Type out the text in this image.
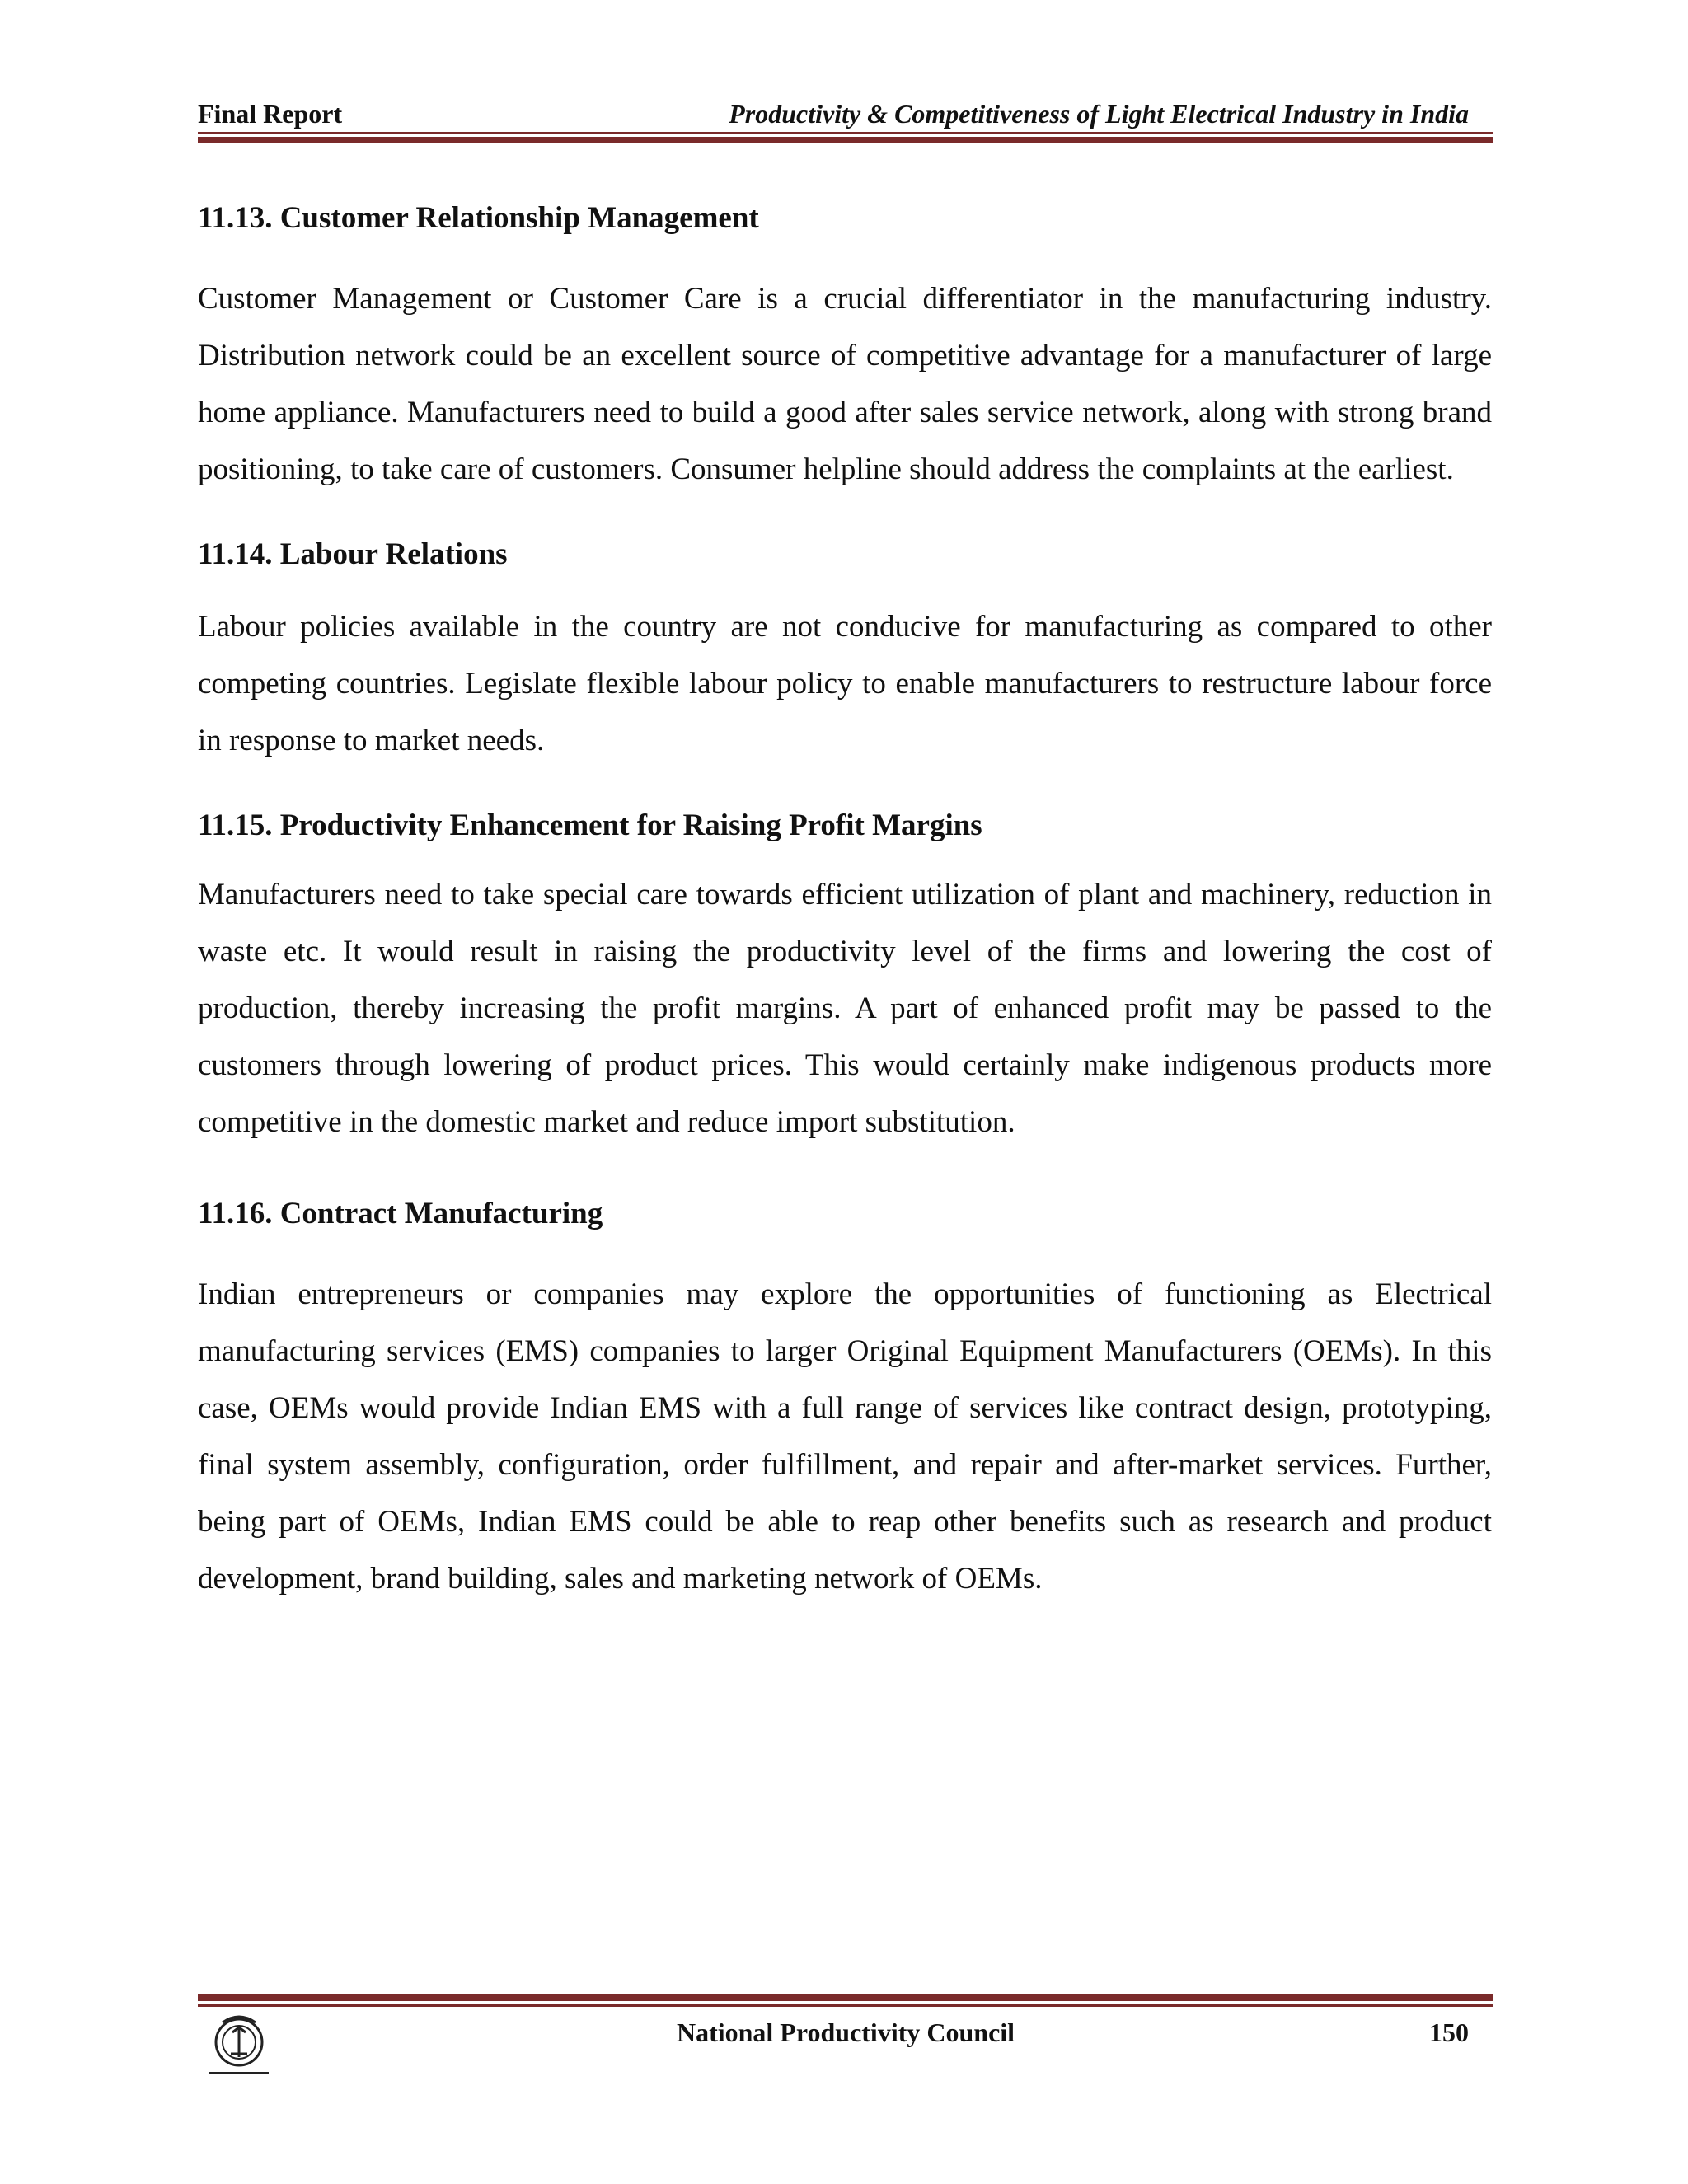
Final Report	Productivity & Competitiveness of Light Electrical Industry in India
11.13. Customer Relationship Management

Customer Management or Customer Care is a crucial differentiator in the manufacturing industry. Distribution network could be an excellent source of competitive advantage for a manufacturer of large home appliance. Manufacturers need to build a good after sales service network, along with strong brand positioning, to take care of customers. Consumer helpline should address the complaints at the earliest.

11.14. Labour Relations

Labour policies available in the country are not conducive for manufacturing as compared to other competing countries. Legislate flexible labour policy to enable manufacturers to restructure labour force in response to market needs.

11.15. Productivity Enhancement for Raising Profit Margins

Manufacturers need to take special care towards efficient utilization of plant and machinery, reduction in waste etc. It would result in raising the productivity level of the firms and lowering the cost of production, thereby increasing the profit margins. A part of enhanced profit may be passed to the customers through lowering of product prices. This would certainly make indigenous products more competitive in the domestic market and reduce import substitution.

11.16. Contract Manufacturing

Indian entrepreneurs or companies may explore the opportunities of functioning as Electrical manufacturing services (EMS) companies to larger Original Equipment Manufacturers (OEMs). In this case, OEMs would provide Indian EMS with a full range of services like contract design, prototyping, final system assembly, configuration, order fulfillment, and repair and after-market services. Further, being part of OEMs, Indian EMS could be able to reap other benefits such as research and product development, brand building, sales and marketing network of OEMs.

National Productivity Council	150
